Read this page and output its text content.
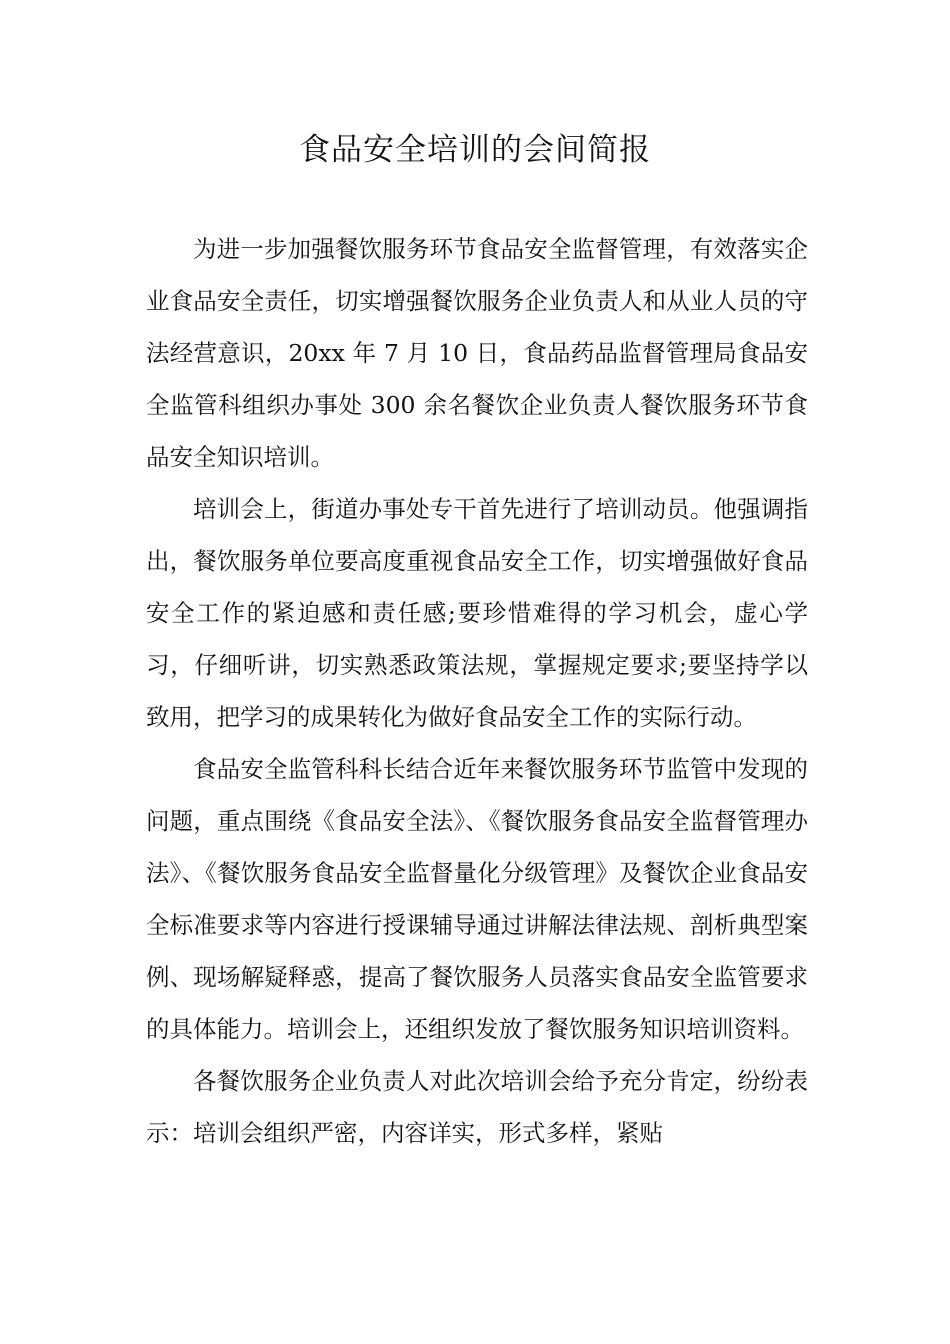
食品安全培训的会间简报

为进一步加强餐饮服务环节食品安全监督管理，有效落实企业食品安全责任，切实增强餐饮服务企业负责人和从业人员的守法经营意识，20xx 年 7 月 10 日，食品药品监督管理局食品安全监管科组织办事处 300 余名餐饮企业负责人餐饮服务环节食品安全知识培训。

培训会上，街道办事处专干首先进行了培训动员。他强调指出，餐饮服务单位要高度重视食品安全工作，切实增强做好食品安全工作的紧迫感和责任感;要珍惜难得的学习机会，虚心学习，仔细听讲，切实熟悉政策法规，掌握规定要求;要坚持学以致用，把学习的成果转化为做好食品安全工作的实际行动。

食品安全监管科科长结合近年来餐饮服务环节监管中发现的问题，重点围绕《食品安全法》、《餐饮服务食品安全监督管理办法》、《餐饮服务食品安全监督量化分级管理》及餐饮企业食品安全标准要求等内容进行授课辅导通过讲解法律法规、剖析典型案例、现场解疑释惑，提高了餐饮服务人员落实食品安全监管要求的具体能力。培训会上，还组织发放了餐饮服务知识培训资料。

各餐饮服务企业负责人对此次培训会给予充分肯定，纷纷表示：培训会组织严密，内容详实，形式多样，紧贴
